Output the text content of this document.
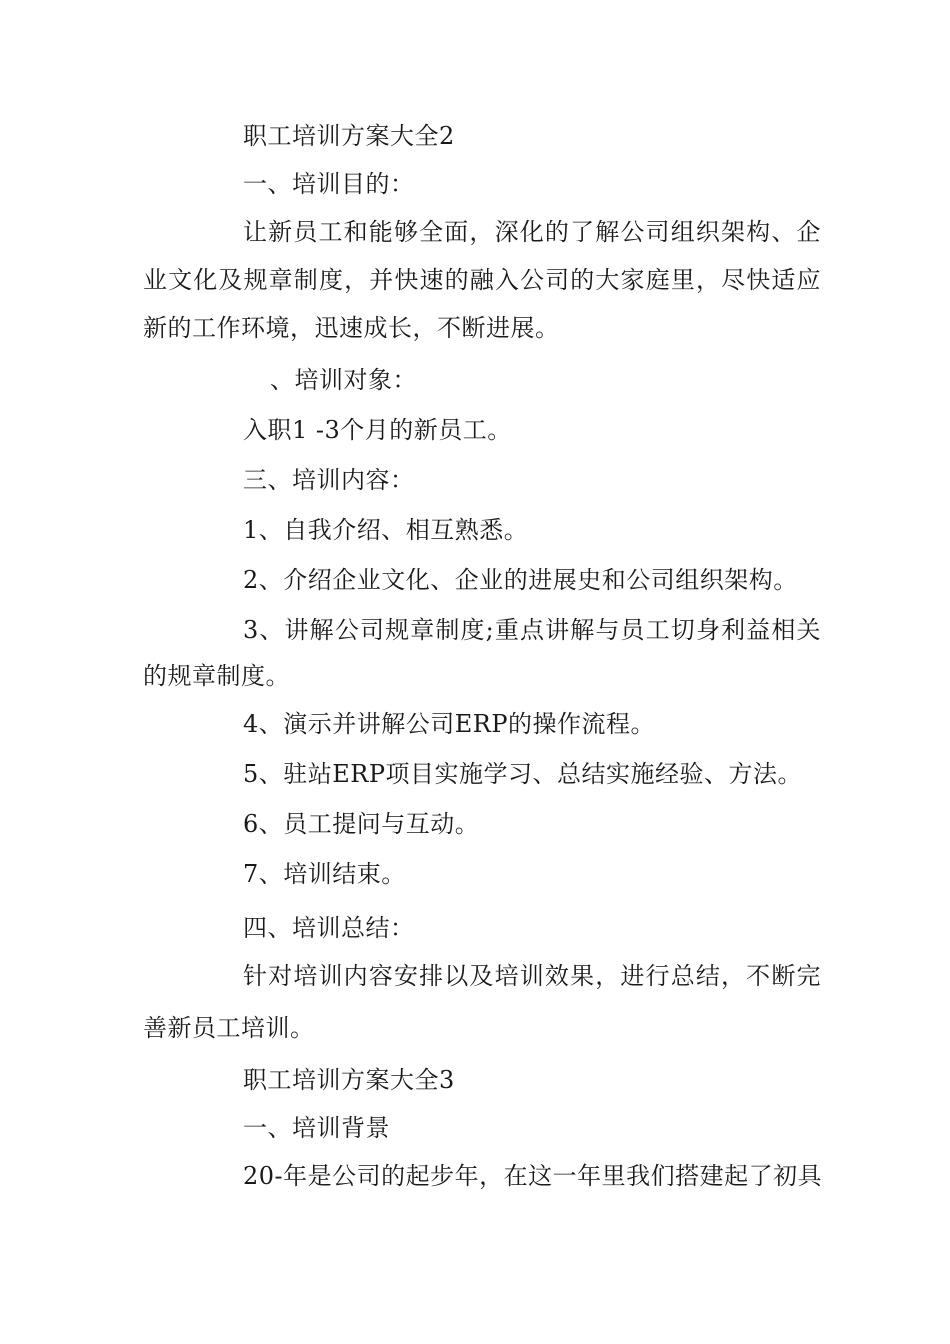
职工培训方案大全2
一、培训目的：
让新员工和能够全面，深化的了解公司组织架构、企
业文化及规章制度，并快速的融入公司的大家庭里，尽快适应
新的工作环境，迅速成长，不断进展。
、培训对象：
入职1 -3个月的新员工。
三、培训内容：
1、自我介绍、相互熟悉。
2、介绍企业文化、企业的进展史和公司组织架构。
3、讲解公司规章制度;重点讲解与员工切身利益相关
的规章制度。
4、演示并讲解公司ERP的操作流程。
5、驻站ERP项目实施学习、总结实施经验、方法。
6、员工提问与互动。
7、培训结束。
四、培训总结：
针对培训内容安排以及培训效果，进行总结，不断完
善新员工培训。
职工培训方案大全3
一、培训背景
20-年是公司的起步年，在这一年里我们搭建起了初具
